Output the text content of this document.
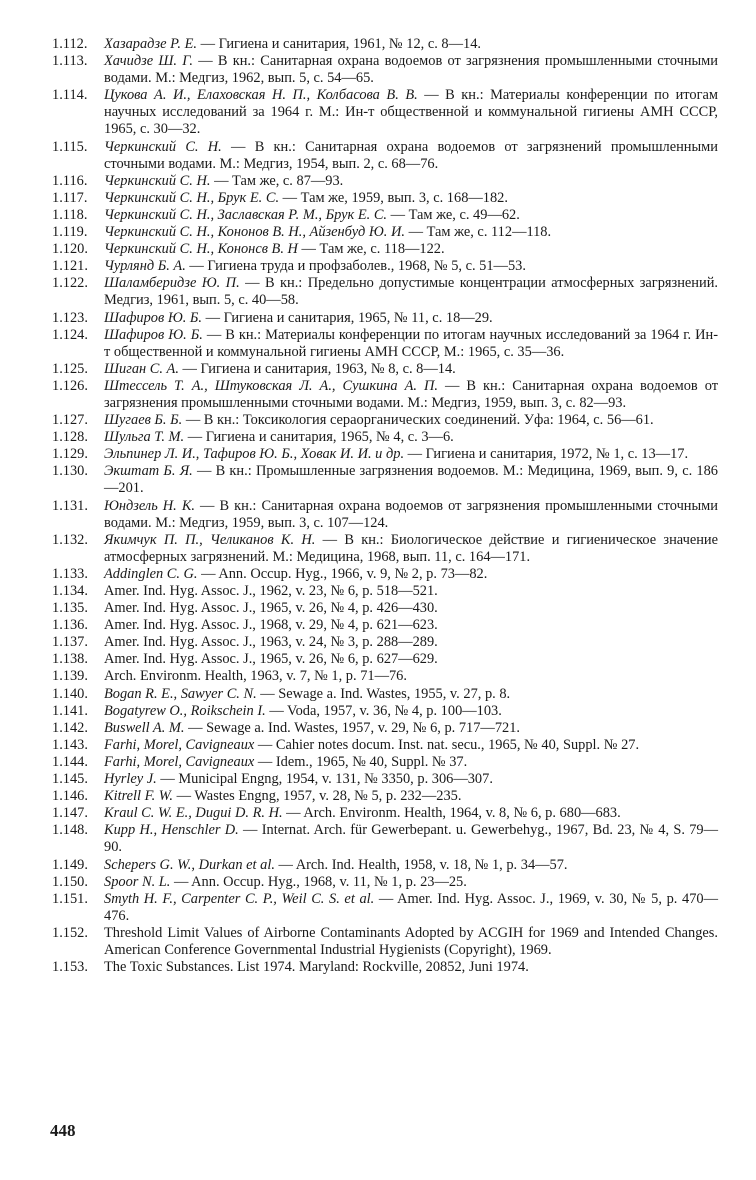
1.112.	Хазарадзе Р. Е. — Гигиена и санитария, 1961, № 12, с. 8—14.
1.113.	Хачидзе Ш. Г. — В кн.: Санитарная охрана водоемов от загрязнения промышленными сточными водами. М.: Медгиз, 1962, вып. 5, с. 54—65.
1.114.	Цукова А. И., Елаховская Н. П., Колбасова В. В. — В кн.: Материалы конференции по итогам научных исследований за 1964 г. М.: Ин-т общественной и коммунальной гигиены АМН СССР, 1965, с. 30—32.
1.115.	Черкинский С. Н. — В кн.: Санитарная охрана водоемов от загрязнений промышленными сточными водами. М.: Медгиз, 1954, вып. 2, с. 68—76.
1.116.	Черкинский С. Н. — Там же, с. 87—93.
1.117.	Черкинский С. Н., Брук Е. С. — Там же, 1959, вып. 3, с. 168—182.
1.118.	Черкинский С. Н., Заславская Р. М., Брук Е. С. — Там же, с. 49—62.
1.119.	Черкинский С. Н., Кононов В. Н., Айзенбуд Ю. И. — Там же, с. 112—118.
1.120.	Черкинский С. Н., Кононсв В. Н — Там же, с. 118—122.
1.121.	Чурлянд Б. А. — Гигиена труда и профзаболев., 1968, № 5, с. 51—53.
1.122.	Шаламберидзе Ю. П. — В кн.: Предельно допустимые концентрации атмосферных загрязнений. Медгиз, 1961, вып. 5, с. 40—58.
1.123.	Шафиров Ю. Б. — Гигиена и санитария, 1965, № 11, с. 18—29.
1.124.	Шафиров Ю. Б. — В кн.: Материалы конференции по итогам научных исследований за 1964 г. Ин-т общественной и коммунальной гигиены АМН СССР, М.: 1965, с. 35—36.
1.125.	Шиган С. А. — Гигиена и санитария, 1963, № 8, с. 8—14.
1.126.	Штессель Т. А., Штуковская Л. А., Сушкина А. П. — В кн.: Санитарная охрана водоемов от загрязнения промышленными сточными водами. М.: Медгиз, 1959, вып. 3, с. 82—93.
1.127.	Шугаев Б. Б. — В кн.: Токсикология сераорганических соединений. Уфа: 1964, с. 56—61.
1.128.	Шульга Т. М. — Гигиена и санитария, 1965, № 4, с. 3—6.
1.129.	Эльпинер Л. И., Тафиров Ю. Б., Ховак И. И. и др. — Гигиена и санитария, 1972, № 1, с. 13—17.
1.130.	Экштат Б. Я. — В кн.: Промышленные загрязнения водоемов. М.: Медицина, 1969, вып. 9, с. 186—201.
1.131.	Юндзель Н. К. — В кн.: Санитарная охрана водоемов от загрязнения промышленными сточными водами. М.: Медгиз, 1959, вып. 3, с. 107—124.
1.132.	Якимчук П. П., Челиканов К. Н. — В кн.: Биологическое действие и гигиеническое значение атмосферных загрязнений. М.: Медицина, 1968, вып. 11, с. 164—171.
1.133.	Addinglen C. G. — Ann. Occup. Hyg., 1966, v. 9, № 2, p. 73—82.
1.134.	Amer. Ind. Hyg. Assoc. J., 1962, v. 23, № 6, p. 518—521.
1.135.	Amer. Ind. Hyg. Assoc. J., 1965, v. 26, № 4, p. 426—430.
1.136.	Amer. Ind. Hyg. Assoc. J., 1968, v. 29, № 4, p. 621—623.
1.137.	Amer. Ind. Hyg. Assoc. J., 1963, v. 24, № 3, p. 288—289.
1.138.	Amer. Ind. Hyg. Assoc. J., 1965, v. 26, № 6, p. 627—629.
1.139.	Arch. Environm. Health, 1963, v. 7, № 1, p. 71—76.
1.140.	Bogan R. E., Sawyer C. N. — Sewage a. Ind. Wastes, 1955, v. 27, p. 8.
1.141.	Bogatyrew O., Roikschein I. — Voda, 1957, v. 36, № 4, p. 100—103.
1.142.	Buswell A. M. — Sewage a. Ind. Wastes, 1957, v. 29, № 6, p. 717—721.
1.143.	Farhi, Morel, Cavigneaux — Cahier notes docum. Inst. nat. secu., 1965, № 40, Suppl. № 27.
1.144.	Farhi, Morel, Cavigneaux — Idem., 1965, № 40, Suppl. № 37.
1.145.	Hyrley J. — Municipal Engng, 1954, v. 131, № 3350, p. 306—307.
1.146.	Kitrell F. W. — Wastes Engng, 1957, v. 28, № 5, p. 232—235.
1.147.	Kraul C. W. E., Dugui D. R. H. — Arch. Environm. Health, 1964, v. 8, № 6, p. 680—683.
1.148.	Kupp H., Henschler D. — Internat. Arch. für Gewerbepant. u. Gewerbehyg., 1967, Bd. 23, № 4, S. 79—90.
1.149.	Schepers G. W., Durkan et al. — Arch. Ind. Health, 1958, v. 18, № 1, p. 34—57.
1.150.	Spoor N. L. — Ann. Occup. Hyg., 1968, v. 11, № 1, p. 23—25.
1.151.	Smyth H. F., Carpenter C. P., Weil C. S. et al. — Amer. Ind. Hyg. Assoc. J., 1969, v. 30, № 5, p. 470—476.
1.152.	Threshold Limit Values of Airborne Contaminants Adopted by ACGIH for 1969 and Intended Changes. American Conference Governmental Industrial Hygienists (Copyright), 1969.
1.153.	The Toxic Substances. List 1974. Maryland: Rockville, 20852, Juni 1974.
448
